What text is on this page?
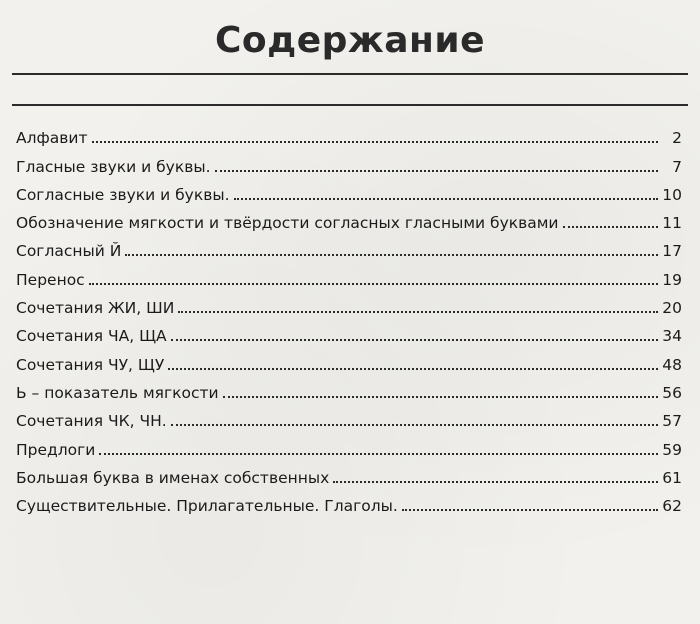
Содержание
Алфавит	2
Гласные звуки и буквы.	7
Согласные звуки и буквы.	10
Обозначение мягкости и твёрдости согласных гласными буквами	11
Согласный Й	17
Перенос	19
Сочетания ЖИ, ШИ	20
Сочетания ЧА, ЩА	34
Сочетания ЧУ, ЩУ	48
Ь – показатель мягкости	56
Сочетания ЧК, ЧН.	57
Предлоги	59
Большая буква в именах собственных	61
Существительные. Прилагательные. Глаголы.	62
